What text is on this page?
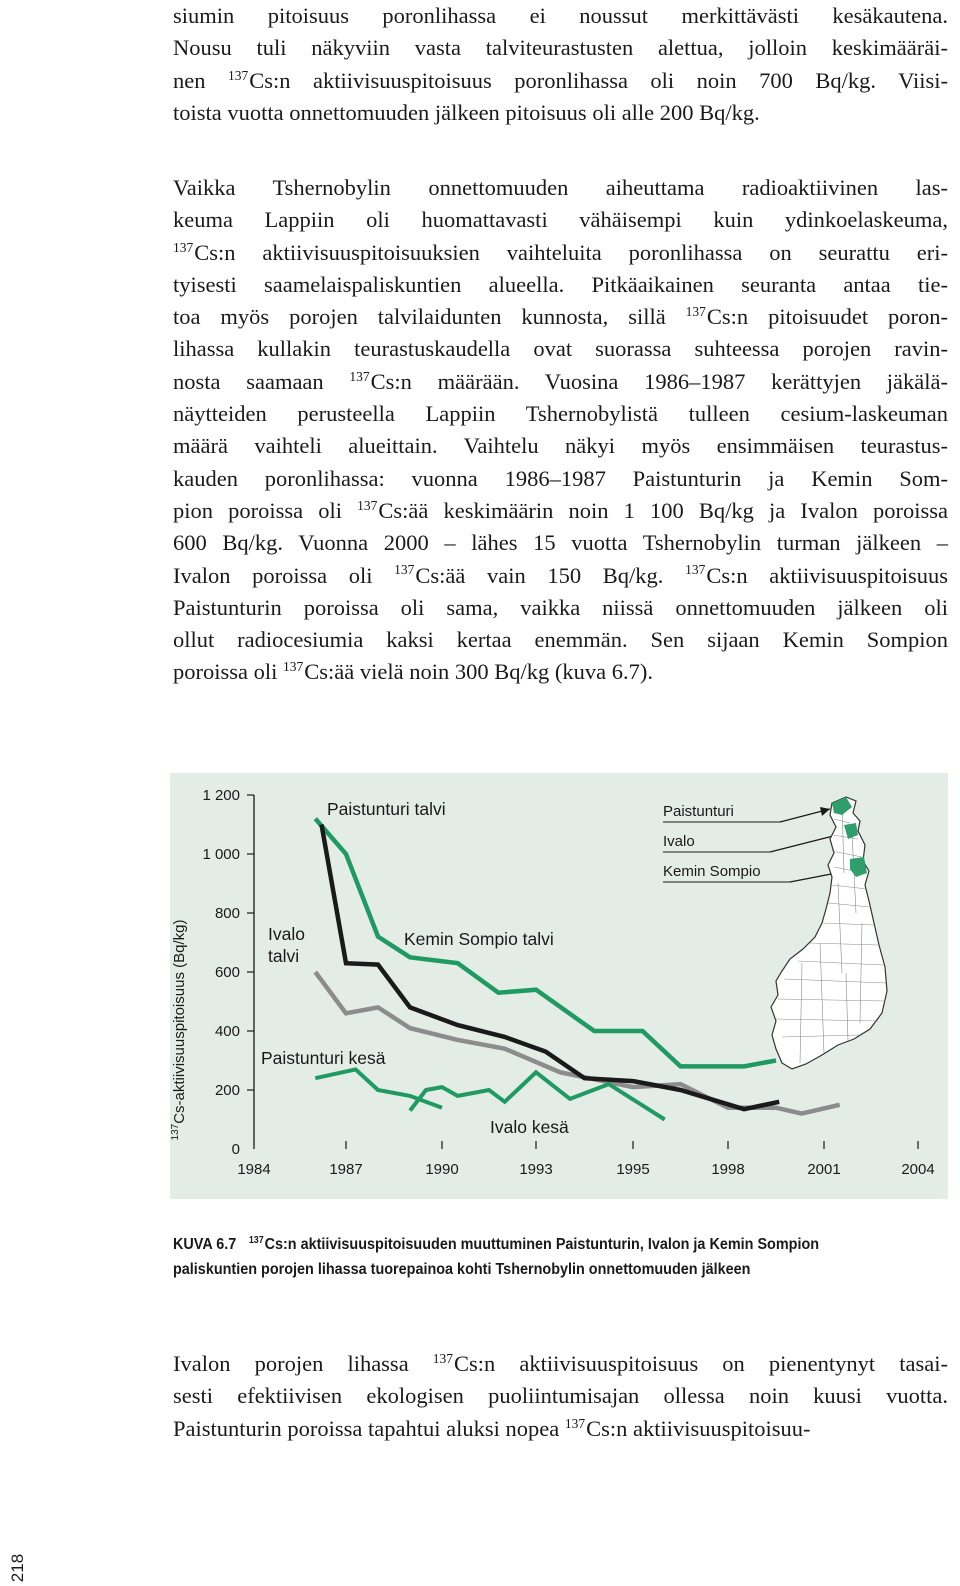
siumin pitoisuus poronlihassa ei noussut merkittävästi kesäkautena.
Nousu tuli näkyviin vasta talviteurastusten alettua, jolloin keskimääräi-
nen $^{137}$Cs:n aktiivisuuspitoisuus poronlihassa oli noin 700 Bq/kg. Viisi-
toista vuotta onnettomuuden jälkeen pitoisuus oli alle 200 Bq/kg.
Vaikka Tshernobylin onnettomuuden aiheuttama radioaktiivinen las-
keuma Lappiin oli huomattavasti vähäisempi kuin ydinkoelaskeuma,
$^{137}$Cs:n aktiivisuuspitoisuuksien vaihteluita poronlihassa on seurattu eri-
tyisesti saamelaispaliskuntien alueella. Pitkäaikainen seuranta antaa tie-
toa myös porojen talvilaidunten kunnosta, sillä $^{137}$Cs:n pitoisuudet poron-
lihassa kullakin teurastuskaudella ovat suorassa suhteessa porojen ravin-
nosta saamaan $^{137}$Cs:n määrään. Vuosina 1986–1987 kerättyjen jäkälä-
näytteiden perusteella Lappiin Tshernobylistä tulleen cesium-laskeuman
määrä vaihteli alueittain. Vaihtelu näkyi myös ensimmäisen teurastus-
kauden poronlihassa: vuonna 1986–1987 Paistunturin ja Kemin Som-
pion poroissa oli $^{137}$Cs:ää keskimäärin noin 1 100 Bq/kg ja Ivalon poroissa
600 Bq/kg. Vuonna 2000 – lähes 15 vuotta Tshernobylin turman jälkeen –
Ivalon poroissa oli $^{137}$Cs:ää vain 150 Bq/kg. $^{137}$Cs:n aktiivisuuspitoisuus
Paistunturin poroissa oli sama, vaikka niissä onnettomuuden jälkeen oli
ollut radiocesiumia kaksi kertaa enemmän. Sen sijaan Kemin Sompion
poroissa oli $^{137}$Cs:ää vielä noin 300 Bq/kg (kuva 6.7).
$^{137}$Cs-aktiivisuuspitoisuus (Bq/kg)
1 200
1 000
800
600
400
200
0
1984	1987	1990	1993	1995	1998	2001	2004
Paistunturi talvi
Ivalo
talvi
Kemin Sompio talvi
Paistunturi kesä
Ivalo kesä
Paistunturi
Ivalo
Kemin Sompio
KUVA 6.7 $^{137}$Cs:n aktiivisuuspitoisuuden muuttuminen Paistunturin, Ivalon ja Kemin Sompion
paliskuntien porojen lihassa tuorepainoa kohti Tshernobylin onnettomuuden jälkeen
Ivalon porojen lihassa $^{137}$Cs:n aktiivisuuspitoisuus on pienentynyt tasai-
sesti efektiivisen ekologisen puoliintumisajan ollessa noin kuusi vuotta.
Paistunturin poroissa tapahtui aluksi nopea $^{137}$Cs:n aktiivisuuspitoisuu-
218
